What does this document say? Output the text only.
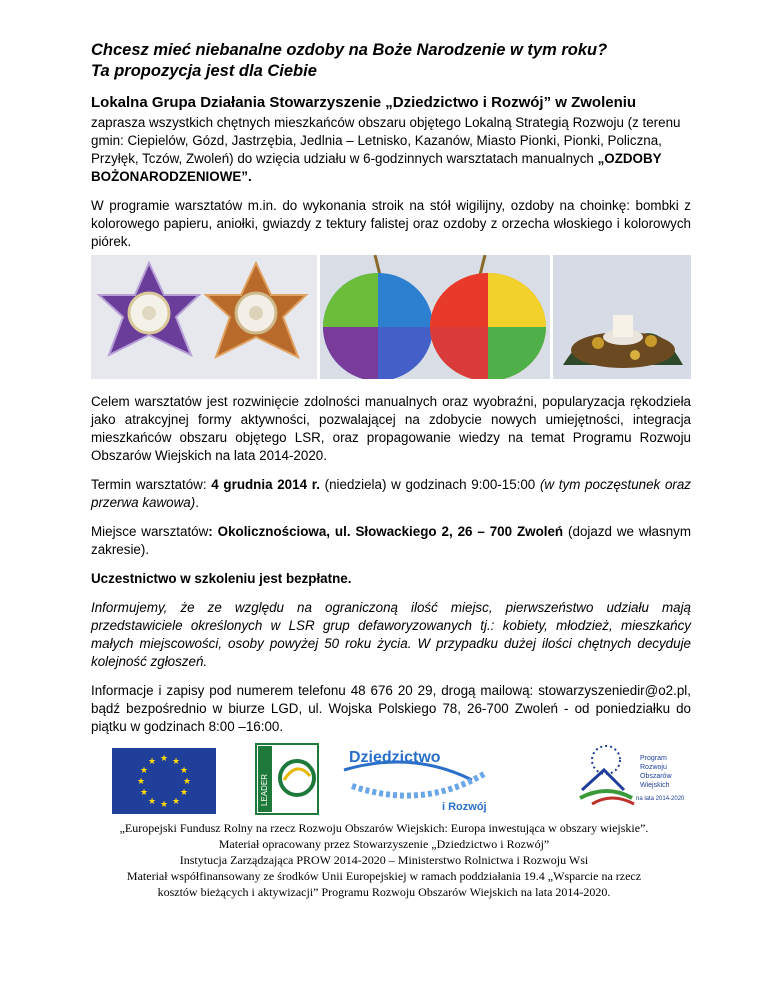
Chcesz mieć niebanalne ozdoby na Boże Narodzenie w tym roku?

Ta propozycja jest dla Ciebie

Lokalna Grupa Działania Stowarzyszenie „Dziedzictwo i Rozwój” w Zwoleniu

zaprasza wszystkich chętnych mieszkańców obszaru objętego Lokalną Strategią Rozwoju (z terenu gmin: Ciepielów, Gózd, Jastrzębia, Jedlnia – Letnisko, Kazanów, Miasto Pionki, Pionki, Policzna, Przyłęk, Tczów, Zwoleń) do wzięcia udziału w 6-godzinnych warsztatach manualnych „OZDOBY BOŻONARODZENIOWE”.

W programie warsztatów m.in. do wykonania stroik na stół wigilijny, ozdoby na choinkę: bombki z kolorowego papieru, aniołki, gwiazdy z tektury falistej oraz ozdoby z orzecha włoskiego i kolorowych piórek.

Celem warsztatów jest rozwinięcie zdolności manualnych oraz wyobraźni, popularyzacja rękodzieła jako atrakcyjnej formy aktywności, pozwalającej na zdobycie nowych umiejętności, integracja mieszkańców obszaru objętego LSR, oraz propagowanie wiedzy na temat Programu Rozwoju Obszarów Wiejskich na lata 2014-2020.

Termin warsztatów: 4 grudnia 2014 r. (niedziela) w godzinach 9:00-15:00 (w tym poczęstunek oraz przerwa kawowa).

Miejsce warsztatów: Okolicznościowa, ul. Słowackiego 2, 26 – 700 Zwoleń (dojazd we własnym zakresie).

Uczestnictwo w szkoleniu jest bezpłatne.

Informujemy, że ze względu na ograniczoną ilość miejsc, pierwszeństwo udziału mają przedstawiciele określonych w LSR grup defaworyzowanych tj.: kobiety, młodzież, mieszkańcy małych miejscowości, osoby powyżej 50 roku życia. W przypadku dużej ilości chętnych decyduje kolejność zgłoszeń.

Informacje i zapisy pod numerem telefonu 48 676 20 29, drogą mailową: stowarzyszeniedir@o2.pl, bądź bezpośrednio w biurze LGD, ul. Wojska Polskiego 78, 26-700 Zwoleń - od poniedziałku do piątku w godzinach 8:00 –16:00.

★ ★
★
★
★
★
★
★
★
★
★
★
LEADER
Dziedzictwo
i Rozwój
Program
Rozwoju
Obszarów
Wiejskich
na lata 2014-2020
„Europejski Fundusz Rolny na rzecz Rozwoju Obszarów Wiejskich: Europa inwestująca w obszary wiejskie”.
Materiał opracowany przez Stowarzyszenie „Dziedzictwo i Rozwój”
Instytucja Zarządzająca PROW 2014-2020 – Ministerstwo Rolnictwa i Rozwoju Wsi
Materiał współfinansowany ze środków Unii Europejskiej w ramach poddziałania 19.4 „Wsparcie na rzecz
kosztów bieżących i aktywizacji” Programu Rozwoju Obszarów Wiejskich na lata 2014-2020.
